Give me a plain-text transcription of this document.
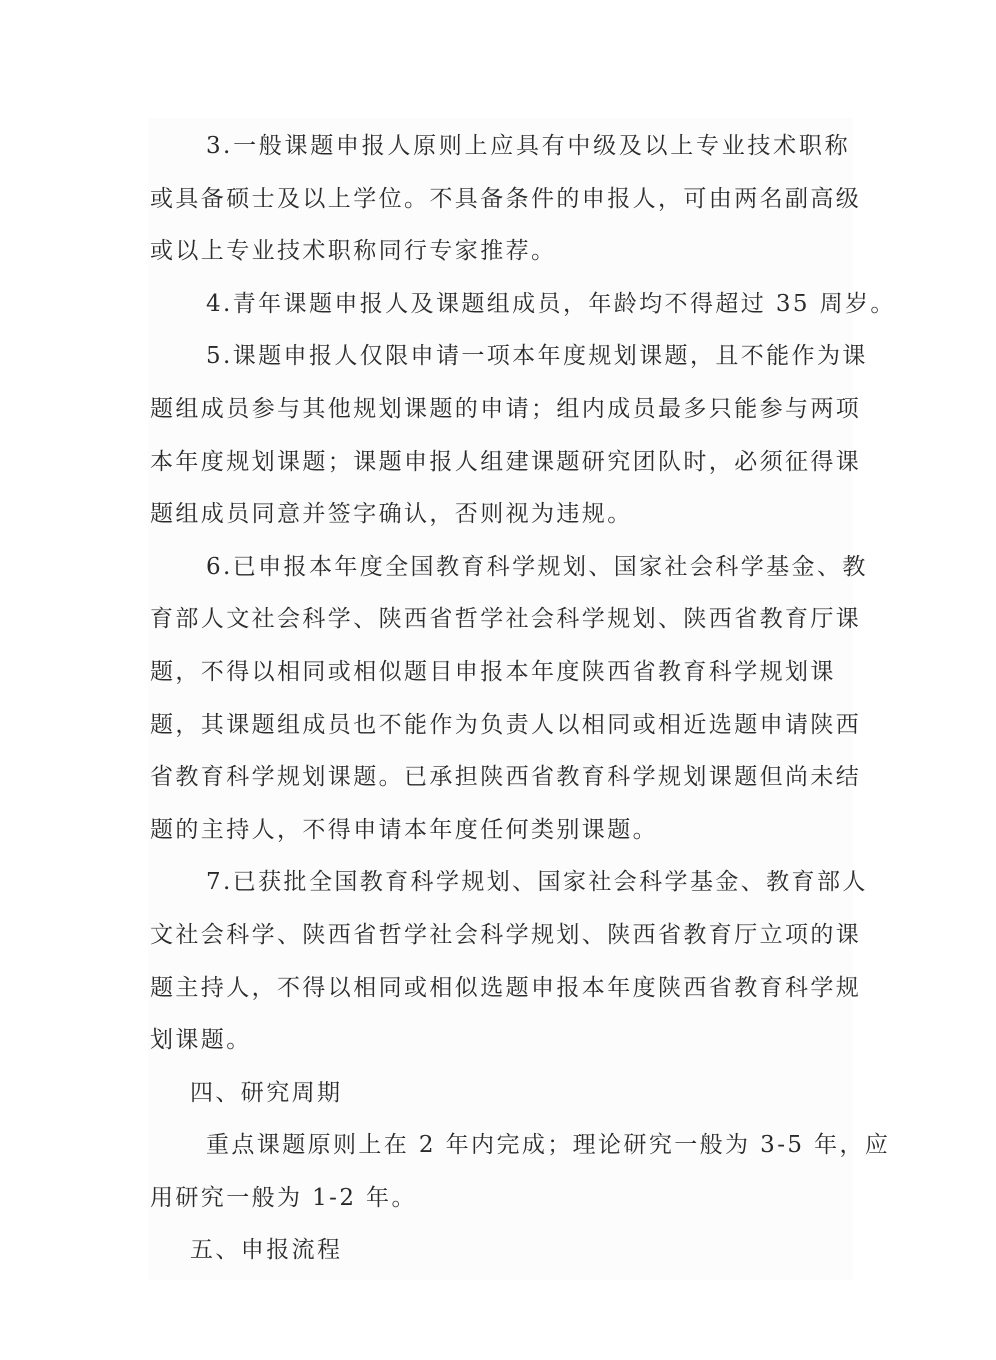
3.一般课题申报人原则上应具有中级及以上专业技术职称
或具备硕士及以上学位。不具备条件的申报人，可由两名副高级
或以上专业技术职称同行专家推荐。
4.青年课题申报人及课题组成员，年龄均不得超过 35 周岁。
5.课题申报人仅限申请一项本年度规划课题，且不能作为课
题组成员参与其他规划课题的申请；组内成员最多只能参与两项
本年度规划课题；课题申报人组建课题研究团队时，必须征得课
题组成员同意并签字确认，否则视为违规。
6.已申报本年度全国教育科学规划、国家社会科学基金、教
育部人文社会科学、陕西省哲学社会科学规划、陕西省教育厅课
题，不得以相同或相似题目申报本年度陕西省教育科学规划课
题，其课题组成员也不能作为负责人以相同或相近选题申请陕西
省教育科学规划课题。已承担陕西省教育科学规划课题但尚未结
题的主持人，不得申请本年度任何类别课题。
7.已获批全国教育科学规划、国家社会科学基金、教育部人
文社会科学、陕西省哲学社会科学规划、陕西省教育厅立项的课
题主持人，不得以相同或相似选题申报本年度陕西省教育科学规
划课题。
四、研究周期
重点课题原则上在 2 年内完成；理论研究一般为 3-5 年，应
用研究一般为 1-2 年。
五、申报流程
